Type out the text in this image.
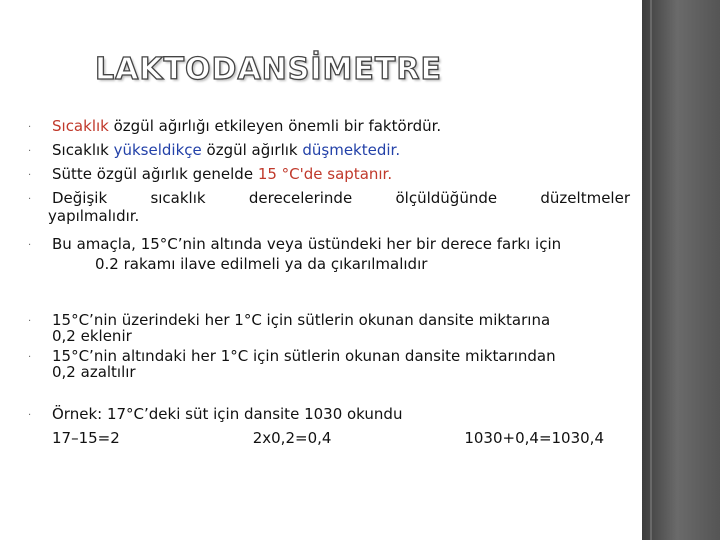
LAKTODANSİMETRE
·
·
·
·
·
·
·
·
Sıcaklık özgül ağırlığı etkileyen önemli bir faktördür.
Sıcaklık yükseldikçe özgül ağırlık düşmektedir.
Sütte özgül ağırlık genelde 15 °C'de saptanır.
Değişik	sıcaklık	derecelerinde	ölçüldüğünde	düzeltmeler
yapılmalıdır.
Bu amaçla, 15°C’nin altında veya üstündeki her bir derece farkı için
0.2 rakamı ilave edilmeli ya da çıkarılmalıdır
15°C’nin üzerindeki her 1°C için sütlerin okunan dansite miktarına
0,2 eklenir
15°C’nin altındaki her 1°C için sütlerin okunan dansite miktarından
0,2 azaltılır
Örnek: 17°C’deki süt için dansite 1030 okundu
17–15=2	2x0,2=0,4	1030+0,4=1030,4
